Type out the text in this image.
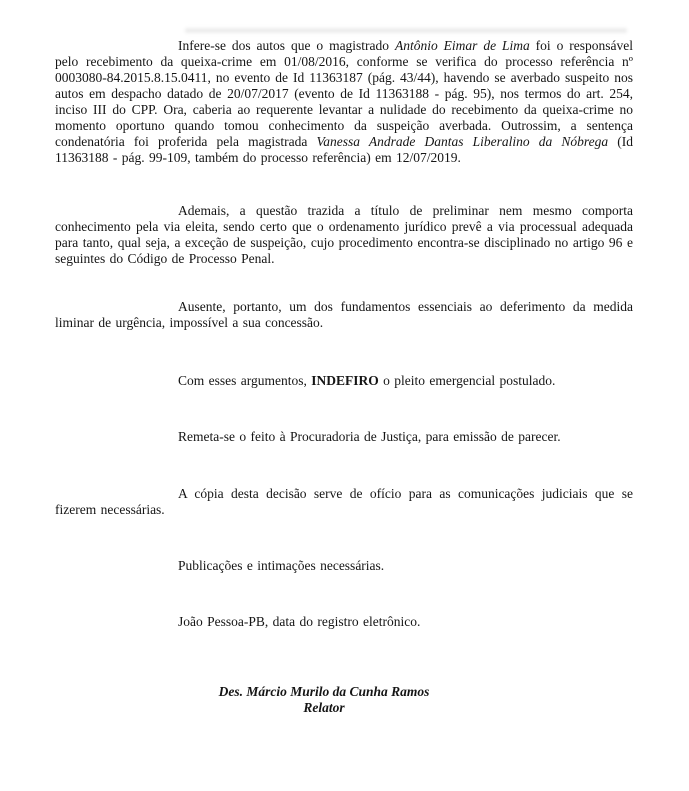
Infere-se dos autos que o magistrado Antônio Eimar de Lima foi o responsável pelo recebimento da queixa-crime em 01/08/2016, conforme se verifica do processo referência nº 0003080-84.2015.8.15.0411, no evento de Id 11363187 (pág. 43/44), havendo se averbado suspeito nos autos em despacho datado de 20/07/2017 (evento de Id 11363188 - pág. 95), nos termos do art. 254, inciso III do CPP. Ora, caberia ao requerente levantar a nulidade do recebimento da queixa-crime no momento oportuno quando tomou conhecimento da suspeição averbada. Outrossim, a sentença condenatória foi proferida pela magistrada Vanessa Andrade Dantas Liberalino da Nóbrega (Id 11363188 - pág. 99-109, também do processo referência) em 12/07/2019.

Ademais, a questão trazida a título de preliminar nem mesmo comporta conhecimento pela via eleita, sendo certo que o ordenamento jurídico prevê a via processual adequada para tanto, qual seja, a exceção de suspeição, cujo procedimento encontra-se disciplinado no artigo 96 e seguintes do Código de Processo Penal.

Ausente, portanto, um dos fundamentos essenciais ao deferimento da medida liminar de urgência, impossível a sua concessão.

Com esses argumentos, INDEFIRO o pleito emergencial postulado.

Remeta-se o feito à Procuradoria de Justiça, para emissão de parecer.

A cópia desta decisão serve de ofício para as comunicações judiciais que se fizerem necessárias.

Publicações e intimações necessárias.

João Pessoa-PB, data do registro eletrônico.

Des. Márcio Murilo da Cunha Ramos
Relator
